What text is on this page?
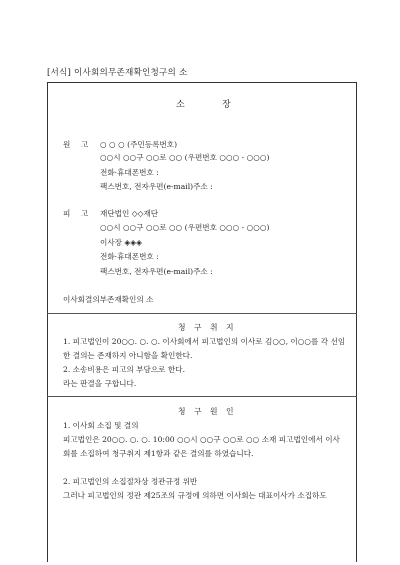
[서식] 이사회의무존재확인청구의 소
소	장
원 고 ○ ○ ○ (주민등록번호)
○○시 ○○구 ○○로 ○○ (우편번호 ○○○ - ○○○)
전화·휴대폰번호 :
팩스번호, 전자우편(e-mail)주소 :
피 고 재단법인 ◇◇재단
○○시 ○○구 ○○로 ○○ (우편번호 ○○○ - ○○○)
이사장 ◈◈◈
전화·휴대폰번호 :
팩스번호, 전자우편(e-mail)주소 :
이사회결의부존재확인의 소
청 구 취 지
1. 피고법인이 20○○. ○. ○. 이사회에서 피고법인의 이사로 김○○, 이○○를 각 선임
한 결의는 존재하지 아니함을 확인한다.
2. 소송비용은 피고의 부담으로 한다.
라는 판결을 구합니다.
청 구 원 인
1. 이사회 소집 및 결의
피고법인은 20○○. ○. ○. 10:00 ○○시 ○○구 ○○로 ○○ 소재 피고법인에서 이사
회를 소집하여 청구취지 제1항과 같은 결의를 하였습니다.
2. 피고법인의 소집절차상 정관규정 위반
그러나 피고법인의 정관 제25조의 규정에 의하면 이사회는 대표이사가 소집하도
